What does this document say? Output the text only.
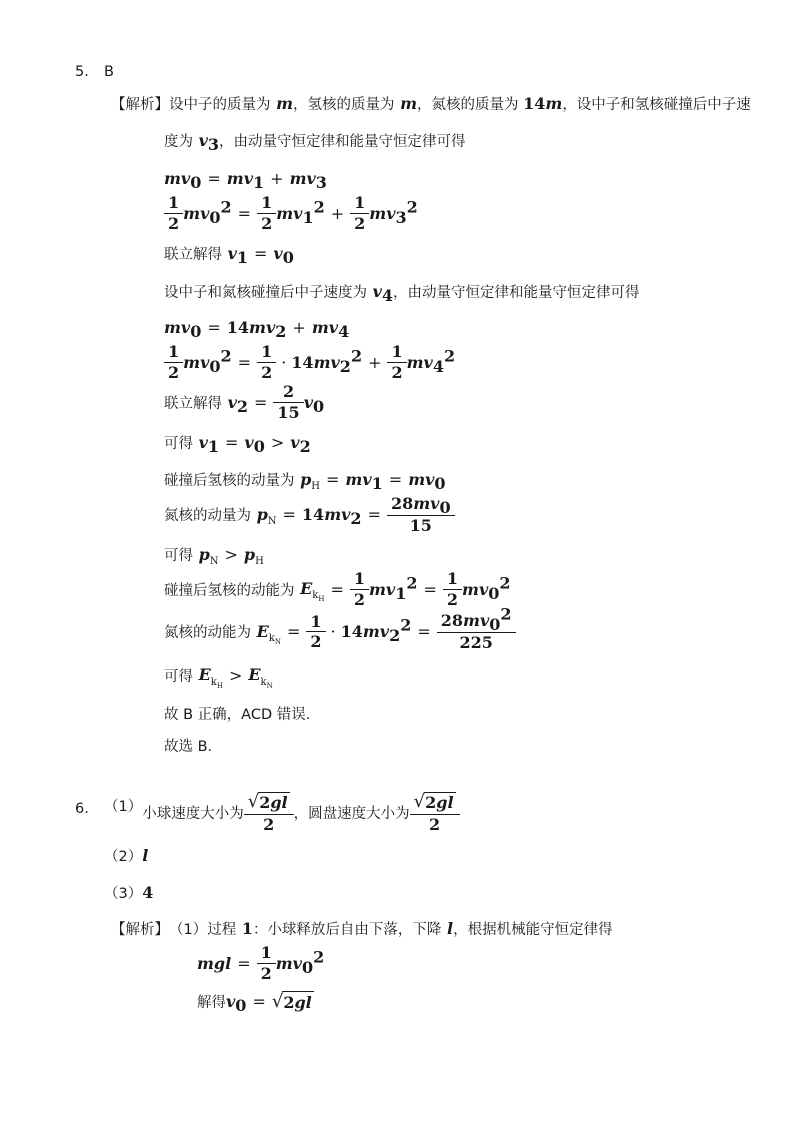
5. B
【解析】 设中子的质量为 m ，氢核的质量为 m ，氮核的质量为 14m ，设中子和氢核碰撞后中子速
度为 $v_3$ ，由动量守恒定律和能量守恒定律可得
$mv_0 = mv_1 + mv_3$
$\frac{1}{2} mv_0^2 = \frac{1}{2} mv_1^2 + \frac{1}{2} mv_3^2$
联立解得 $v_1 = v_0$
设中子和氮核碰撞后中子速度为 $v_4$ ，由动量守恒定律和能量守恒定律可得
$mv_0 = 14$ $mv_2 + mv_4$
$\frac{1}{2} mv_0^2 = \frac{1}{2} \cdot 14$ $mv_2^2 + \frac{1}{2} mv_4^2$
联立解得 $v_2 = \frac{2}{15} v_0$
可得 $v_1 = v_0 > v_2$
碰撞后氢核的动量为 $p_H = mv_1 = mv_0$
氮核的动量为 $p_N = 14$ $mv_2 = \frac{28mv_0}{15}$
可得 $p_N > p_H$
碰撞后氢核的动能为 $E_{k_H}$
= $\frac{1}{2} mv_1^2 = \frac{1}{2} mv_0^2$
氮核的动能为 $E_{k_N}$
= $\frac{1}{2} \cdot 14$ $mv_2^2 = \frac{28mv_0^2}{225}$
可得 $E_{k_H}$
> $E_{k_N}$
故 B 正确，ACD 错误．
故选 B．
6. （1） 小球速度大小为 $\frac{√ 2gl}{2}$ ，圆盘速度大小为 $\frac{√ 2gl}{2}$
（2） l
（3） 4
【解析】 （1）过程 1 ：小球释放后自由下落，下降 l ，根据机械能守恒定律得
mgl = $\frac{1}{2} mv_0^2$
解得 $v_0$ = √ 2gl
